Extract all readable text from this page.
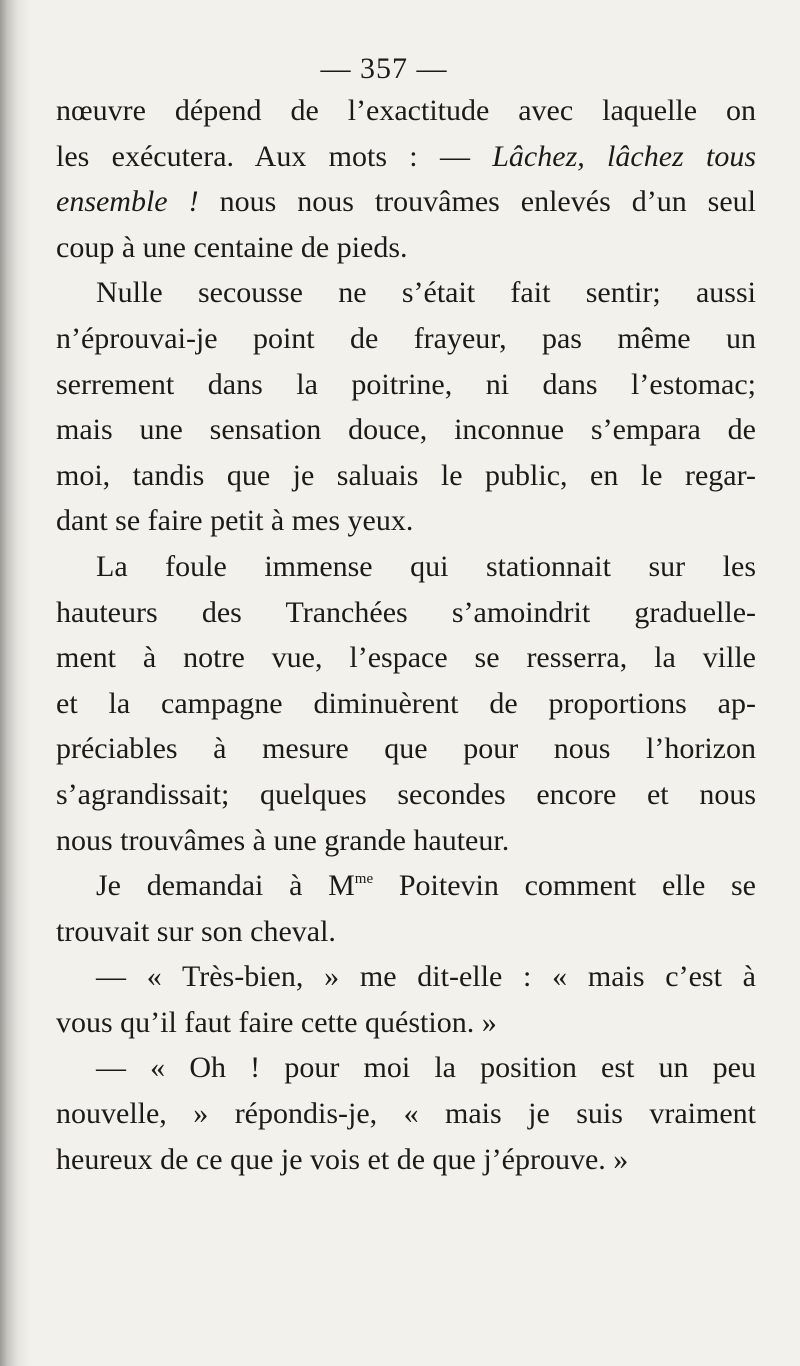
— 357 —
nœuvre dépend de l’exactitude avec laquelle on
les exécutera. Aux mots : — Lâchez, lâchez tous
ensemble ! nous nous trouvâmes enlevés d’un seul
coup à une centaine de pieds.
Nulle secousse ne s’était fait sentir; aussi
n’éprouvai-je point de frayeur, pas même un
serrement dans la poitrine, ni dans l’estomac;
mais une sensation douce, inconnue s’empara de
moi, tandis que je saluais le public, en le regar-
dant se faire petit à mes yeux.
La foule immense qui stationnait sur les
hauteurs des Tranchées s’amoindrit graduelle-
ment à notre vue, l’espace se resserra, la ville
et la campagne diminuèrent de proportions ap-
préciables à mesure que pour nous l’horizon
s’agrandissait; quelques secondes encore et nous
nous trouvâmes à une grande hauteur.
Je demandai à $M^{me}$ Poitevin comment elle se
trouvait sur son cheval.
— « Très-bien, » me dit-elle : « mais c’est à
vous qu’il faut faire cette quéstion. »
— « Oh ! pour moi la position est un peu
nouvelle, » répondis-je, « mais je suis vraiment
heureux de ce que je vois et de que j’éprouve. »
